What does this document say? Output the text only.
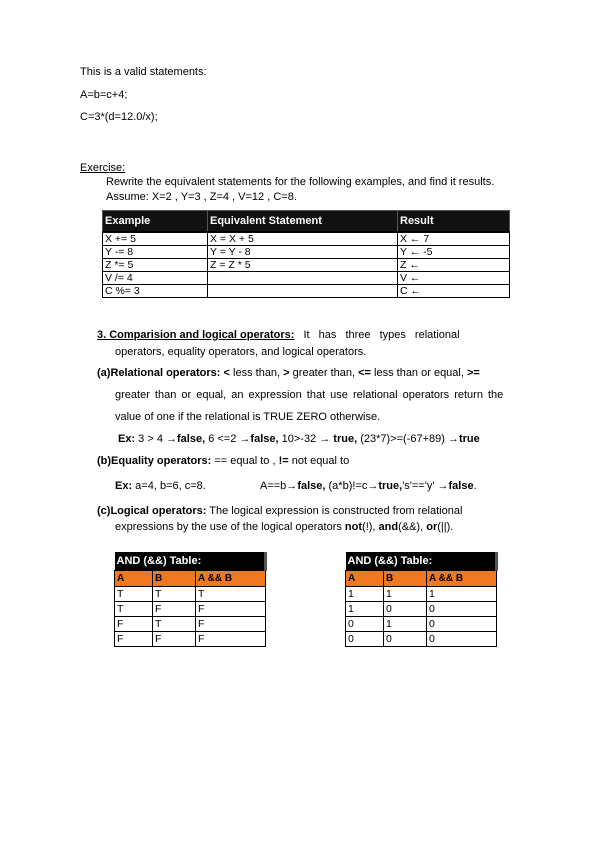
This is a valid statements:
A=b=c+4;
C=3*(d=12.0/x);
Exercise:
Rewrite the equivalent statements for the following examples, and find it results.
Assume: X=2 , Y=3 , Z=4 , V=12 , C=8.
Example	Equivalent Statement	Result
X += 5	X = X + 5	X ← 7
Y -= 8	Y = Y - 8	Y ← -5
Z *= 5	Z = Z * 5	Z ←
V /= 4		V ←
C %= 3		C ←
3. Comparision and logical operators: It has three types relational
operators, equality operators, and logical operators.
(a)Relational operators: < less than, > greater than, <= less than or equal, >=
greater than or equal, an expression that use relational operators return the
value of one if the relational is TRUE ZERO otherwise.
Ex: 3 > 4 →false, 6 <=2 →false, 10>-32 → true, (23*7)>=(-67+89) →true
(b)Equality operators: == equal to , != not equal to
Ex: a=4, b=6, c=8.	A==b→false, (a*b)!=c→true,'s'=='y' →false.
(c)Logical operators: The logical expression is constructed from relational
expressions by the use of the logical operators not(!), and(&&), or(||).
AND (&&) Table:		
A	B	A && B
T	T	T
T	F	F
F	T	F
F	F	F
AND (&&) Table:		
A	B	A && B
1	1	1
1	0	0
0	1	0
0	0	0
